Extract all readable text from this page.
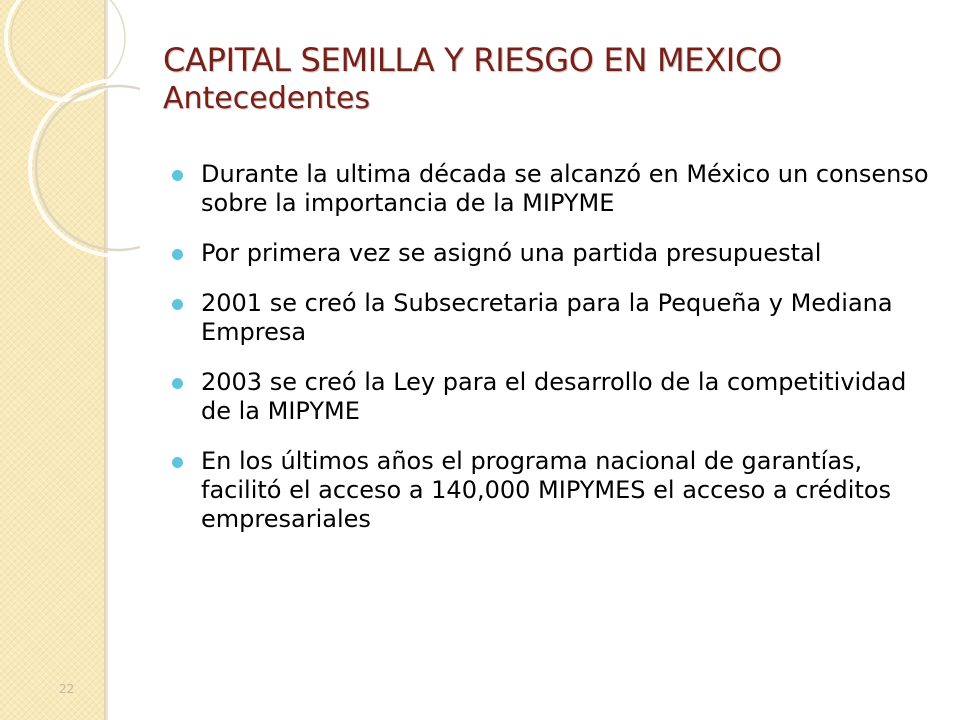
CAPITAL SEMILLA Y RIESGO EN MEXICO
Antecedentes
Durante la ultima década se alcanzó en México un consenso sobre la importancia de la MIPYME
Por primera vez se asignó una partida presupuestal
2001 se creó la Subsecretaria para la Pequeña y Mediana Empresa
2003 se creó la Ley para el desarrollo de la competitividad de la MIPYME
En los últimos años el programa nacional de garantías, facilitó el acceso a 140,000 MIPYMES el acceso a créditos empresariales
22
